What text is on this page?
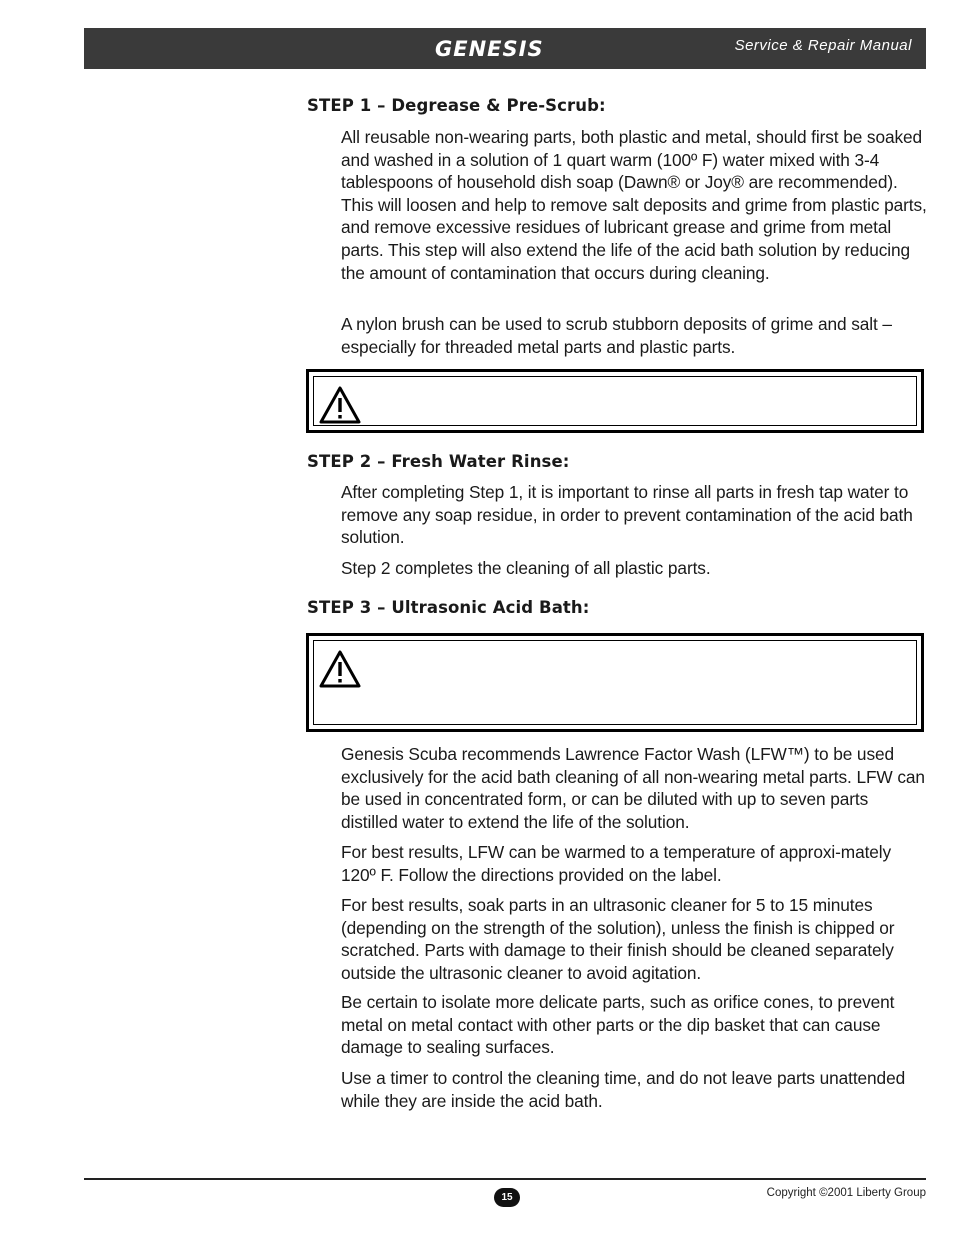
GENESIS	Service & Repair Manual
STEP 1 – Degrease & Pre-Scrub:

All reusable non-wearing parts, both plastic and metal, should first be soaked and washed in a solution of 1 quart warm (100º F) water mixed with 3-4 tablespoons of household dish soap (Dawn® or Joy® are recommended). This will loosen and help to remove salt deposits and grime from plastic parts, and remove excessive residues of lubricant grease and grime from metal parts. This step will also extend the life of the acid bath solution by reducing the amount of contamination that occurs during cleaning.

A nylon brush can be used to scrub stubborn deposits of grime and salt – especially for threaded metal parts and plastic parts.

STEP 2 – Fresh Water Rinse:

After completing Step 1, it is important to rinse all parts in fresh tap water to remove any soap residue, in order to prevent contamination of the acid bath solution.

Step 2 completes the cleaning of all plastic parts.

STEP 3 – Ultrasonic Acid Bath:

Genesis Scuba recommends Lawrence Factor Wash (LFW™) to be used exclusively for the acid bath cleaning of all non-wearing metal parts. LFW can be used in concentrated form, or can be diluted with up to seven parts distilled water to extend the life of the solution.

For best results, LFW can be warmed to a temperature of approxi-mately 120º F. Follow the directions provided on the label.

For best results, soak parts in an ultrasonic cleaner for 5 to 15 minutes (depending on the strength of the solution), unless the finish is chipped or scratched. Parts with damage to their finish should be cleaned separately outside the ultrasonic cleaner to avoid agitation.

Be certain to isolate more delicate parts, such as orifice cones, to prevent metal on metal contact with other parts or the dip basket that can cause damage to sealing surfaces.

Use a timer to control the cleaning time, and do not leave parts unattended while they are inside the acid bath.

15	Copyright ©2001 Liberty Group
